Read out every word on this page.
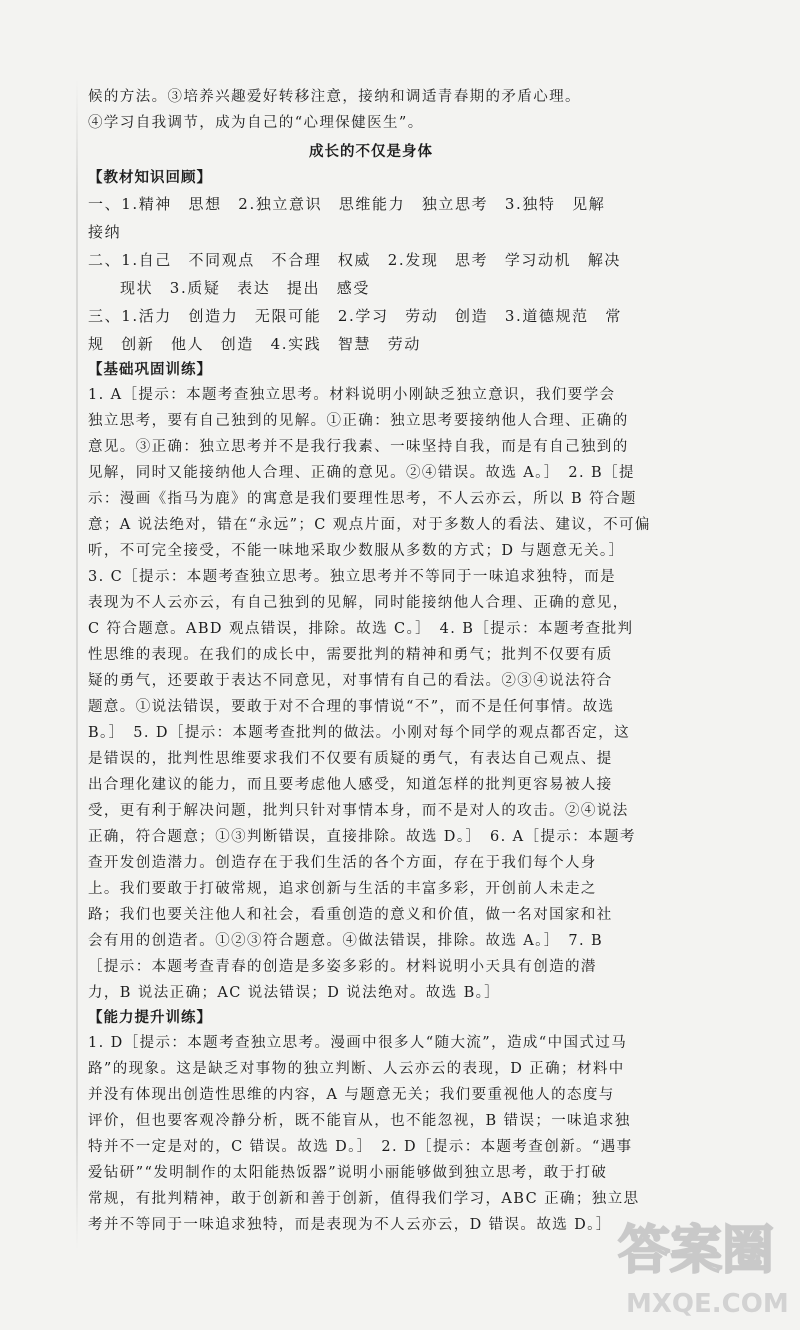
候的方法。③培养兴趣爱好转移注意，接纳和调适青春期的矛盾心理。

④学习自我调节，成为自己的“心理保健医生”。

成长的不仅是身体

【教材知识回顾】

一、1.精神　思想　2.独立意识　思维能力　独立思考　3.独特　见解

接纳

二、1.自己　不同观点　不合理　权威　2.发现　思考　学习动机　解决

现状　3.质疑　表达　提出　感受

三、1.活力　创造力　无限可能　2.学习　劳动　创造　3.道德规范　常

规　创新　他人　创造　4.实践　智慧　劳动

【基础巩固训练】

1. A［提示：本题考查独立思考。材料说明小刚缺乏独立意识，我们要学会

独立思考，要有自己独到的见解。①正确：独立思考要接纳他人合理、正确的

意见。③正确：独立思考并不是我行我素、一味坚持自我，而是有自己独到的

见解，同时又能接纳他人合理、正确的意见。②④错误。故选 A。］　2. B［提

示：漫画《指马为鹿》的寓意是我们要理性思考，不人云亦云，所以 B 符合题

意；A 说法绝对，错在“永远”；C 观点片面，对于多数人的看法、建议，不可偏

听，不可完全接受，不能一味地采取少数服从多数的方式；D 与题意无关。］

3. C［提示：本题考查独立思考。独立思考并不等同于一味追求独特，而是

表现为不人云亦云，有自己独到的见解，同时能接纳他人合理、正确的意见，

C 符合题意。ABD 观点错误，排除。故选 C。］　4. B［提示：本题考查批判

性思维的表现。在我们的成长中，需要批判的精神和勇气；批判不仅要有质

疑的勇气，还要敢于表达不同意见，对事情有自己的看法。②③④说法符合

题意。①说法错误，要敢于对不合理的事情说“不”，而不是任何事情。故选

B。］　5. D［提示：本题考查批判的做法。小刚对每个同学的观点都否定，这

是错误的，批判性思维要求我们不仅要有质疑的勇气，有表达自己观点、提

出合理化建议的能力，而且要考虑他人感受，知道怎样的批判更容易被人接

受，更有利于解决问题，批判只针对事情本身，而不是对人的攻击。②④说法

正确，符合题意；①③判断错误，直接排除。故选 D。］　6. A［提示：本题考

查开发创造潜力。创造存在于我们生活的各个方面，存在于我们每个人身

上。我们要敢于打破常规，追求创新与生活的丰富多彩，开创前人未走之

路；我们也要关注他人和社会，看重创造的意义和价值，做一名对国家和社

会有用的创造者。①②③符合题意。④做法错误，排除。故选 A。］　7. B

［提示：本题考查青春的创造是多姿多彩的。材料说明小天具有创造的潜

力，B 说法正确；AC 说法错误；D 说法绝对。故选 B。］

【能力提升训练】

1. D［提示：本题考查独立思考。漫画中很多人“随大流”，造成“中国式过马

路”的现象。这是缺乏对事物的独立判断、人云亦云的表现，D 正确；材料中

并没有体现出创造性思维的内容，A 与题意无关；我们要重视他人的态度与

评价，但也要客观冷静分析，既不能盲从，也不能忽视，B 错误；一味追求独

特并不一定是对的，C 错误。故选 D。］　2. D［提示：本题考查创新。“遇事

爱钻研”“发明制作的太阳能热饭器”说明小丽能够做到独立思考，敢于打破

常规，有批判精神，敢于创新和善于创新，值得我们学习，ABC 正确；独立思

考并不等同于一味追求独特，而是表现为不人云亦云，D 错误。故选 D。］ 答案圈
MXQE.COM
